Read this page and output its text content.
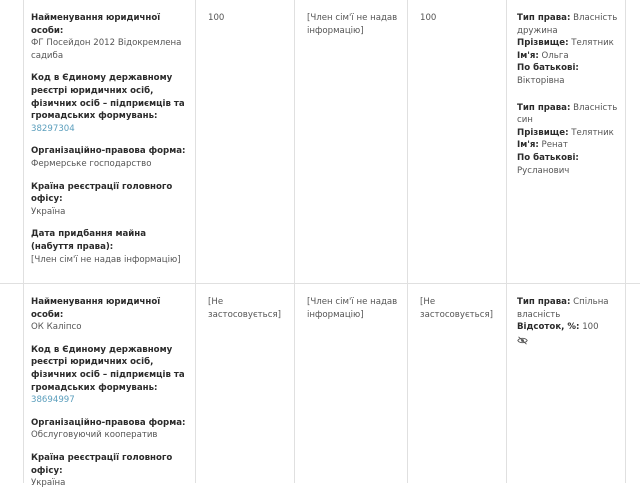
Найменування юридичної особи:
ФГ Посейдон 2012 Відокремлена садиба
Код в Єдиному державному реєстрі юридичних осіб, фізичних осіб – підприємців та громадських формувань:
38297304
Організаційно-правова форма:
Фермерське господарство
Країна реєстрації головного офісу:
Україна
Дата придбання майна (набуття права):
[Член сім'ї не надав інформацію]
100	[Член сім'ї не надав інформацію]
100	Тип права: Власність дружина
Прізвище: Телятник
Ім'я: Ольга
По батькові:
Вікторівна
Тип права: Власність син
Прізвище: Телятник
Ім'я: Ренат
По батькові:
Русланович
Найменування юридичної особи:
ОК Каліпсо
Код в Єдиному державному реєстрі юридичних осіб, фізичних осіб – підприємців та громадських формувань:
38694997
Організаційно-правова форма:
Обслуговуючий кооператив
Країна реєстрації головного офісу:
Україна
[Не застосовується]
[Член сім'ї не надав інформацію]
[Не застосовується]
Тип права: Спільна власність
Відсоток, %: 100
